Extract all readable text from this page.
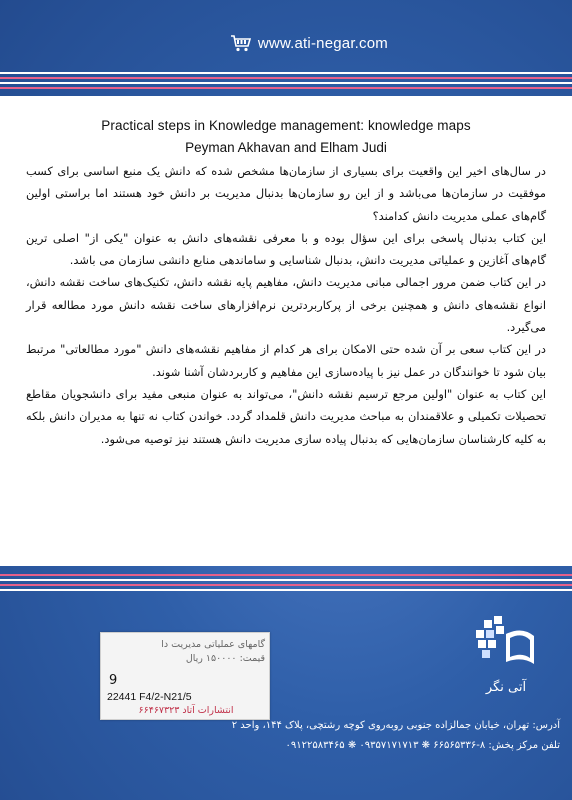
www.ati-negar.com
Practical steps in Knowledge management: knowledge maps
Peyman Akhavan and Elham Judi

در سال‌های اخیر این واقعیت برای بسیاری از سازمان‌ها مشخص شده که دانش یک منبع اساسی برای کسب موفقیت در سازمان‌ها می‌باشد و از این رو سازمان‌ها بدنبال مدیریت بر دانش خود هستند اما براستی اولین گام‌های عملی مدیریت دانش کدامند؟

این کتاب بدنبال پاسخی برای این سؤال بوده و با معرفی نقشه‌های دانش به عنوان "یکی از" اصلی ترین گام‌های آغازین و عملیاتی مدیریت دانش، بدنبال شناسایی و ساماندهی منابع دانشی سازمان می باشد.

در این کتاب ضمن مرور اجمالی مبانی مدیریت دانش، مفاهیم پایه نقشه دانش، تکنیک‌های ساخت نقشه دانش، انواع نقشه‌های دانش و همچنین برخی از پرکاربردترین نرم‌افزارهای ساخت نقشه دانش مورد مطالعه قرار می‌گیرد.

در این کتاب سعی بر آن شده حتی الامکان برای هر کدام از مفاهیم نقشه‌های دانش "مورد مطالعاتی" مرتبط بیان شود تا خوانندگان در عمل نیز با پیاده‌سازی این مفاهیم و کاربردشان آشنا شوند.

این کتاب به عنوان "اولین مرجع ترسیم نقشه دانش"، می‌تواند به عنوان منبعی مفید برای دانشجویان مقاطع تحصیلات تکمیلی و علاقمندان به مباحث مدیریت دانش قلمداد گردد. خواندن کتاب نه تنها به مدیران دانش بلکه به کلیه کارشناسان سازمان‌هایی که بدنبال پیاده سازی مدیریت دانش هستند نیز توصیه می‌شود.

گامهای عملیاتی مدیریت دا
قیمت: ۱۵۰۰۰۰ ریال
9
22441 F4/2-N21/5
انتشارات آتاد ۶۶۴۶۷۳۲۳
آتی نگر
آدرس: تهران، خیابان جمالزاده جنوبی روبه‌روی کوچه رشتچی، پلاک ۱۴۴، واحد ۲
تلفن مرکز پخش: ۸-۶۶۵۶۵۳۳۶ ❋ ۰۹۳۵۷۱۷۱۷۱۳ ❋ ۰۹۱۲۲۵۸۳۴۶۵
